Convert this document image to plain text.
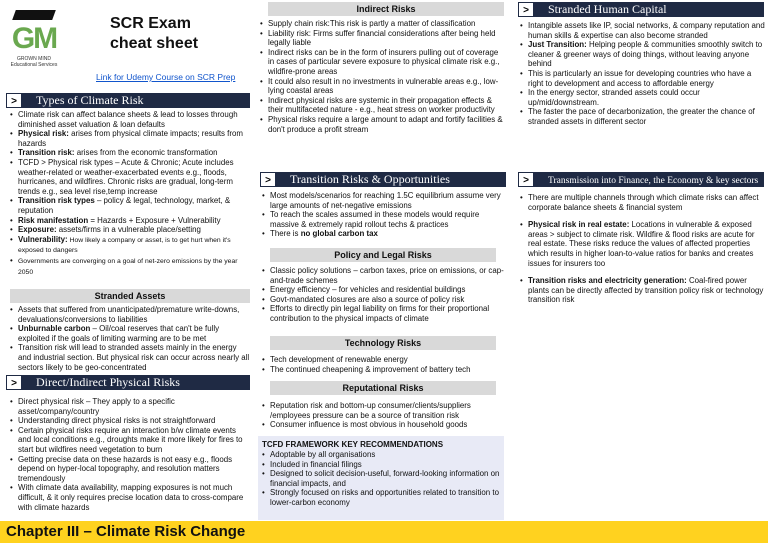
GM
GROWN MIND Educational Services
SCR Exam
cheat sheet
Link for Udemy Course on SCR Prep
> Types of Climate Risk
• Climate risk can affect balance sheets & lead to losses through diminished asset valuation & loan defaults
• Physical risk: arises from physical climate impacts; results from hazards
• Transition risk: arises from the economic transformation
• TCFD > Physical risk types – Acute & Chronic; Acute includes weather-related or weather-exacerbated events e.g., floods, hurricanes, and wildfires. Chronic risks are gradual, long-term trends e.g., sea level rise,temp increase
• Transition risk types – policy & legal, technology, market, & reputation
• Risk manifestation = Hazards + Exposure + Vulnerability
• Exposure: assets/firms in a vulnerable place/setting
• Vulnerability: How likely a company or asset, is to get hurt when it's exposed to dangers
• Governments are converging on a goal of net-zero emissions by the year 2050
Stranded Assets
• Assets that suffered from unanticipated/premature write-downs, devaluations/conversions to liabilities
• Unburnable carbon – Oil/coal reserves that can't be fully exploited if the goals of limiting warming are to be met
• Transition risk will lead to stranded assets mainly in the energy and industrial section. But physical risk can occur across nearly all sectors likely to be geo-concentrated
> Direct/Indirect Physical Risks
• Direct physical risk – They apply to a specific asset/company/country
• Understanding direct physical risks is not straightforward
• Certain physical risks require an interaction b/w climate events and local conditions e.g., droughts make it more likely for fires to start but wildfires need vegetation to burn
• Getting precise data on these hazards is not easy e.g., floods depend on hyper-local topography, and resolution matters tremendously
• With climate data availability, mapping exposures is not much difficult, & it only requires precise location data to cross-compare with climate hazards
Indirect Risks
• Supply chain risk:This risk is partly a matter of classification
• Liability risk: Firms suffer financial considerations after being held legally liable
• Indirect risks can be in the form of insurers pulling out of coverage in cases of particular severe exposure to physical climate risk e.g., wildfire-prone areas
• It could also result in no investments in vulnerable areas e.g., low-lying coastal areas
• Indirect physical risks are systemic in their propagation effects & their multifaceted nature - e.g., heat stress on worker productivity
• Physical risks require a large amount to adapt and fortify facilities & don't produce a profit stream
> Transition Risks & Opportunities
• Most models/scenarios for reaching 1.5C equilibrium assume very large amounts of net-negative emissions
• To reach the scales assumed in these models would require massive & extremely rapid rollout techs & practices
• There is no global carbon tax
Policy and Legal Risks
• Classic policy solutions – carbon taxes, price on emissions, or cap-and-trade schemes
• Energy efficiency – for vehicles and residential buildings
• Govt-mandated closures are also a source of policy risk
• Efforts to directly pin legal liability on firms for their proportional contribution to the physical impacts of climate
Technology Risks
• Tech development of renewable energy
• The continued cheapening & improvement of battery tech
Reputational Risks
• Reputation risk and bottom-up consumer/clients/suppliers /employees pressure can be a source of transition risk
• Consumer influence is most obvious in household goods
TCFD FRAMEWORK KEY RECOMMENDATIONS
• Adoptable by all organisations
• Included in financial filings
• Designed to solicit decision-useful, forward-looking information on financial impacts, and
• Strongly focused on risks and opportunities related to transition to lower-carbon economy
> Stranded Human Capital
• Intangible assets like IP, social networks, & company reputation and human skills & expertise can also become stranded
• Just Transition: Helping people & communities smoothly switch to cleaner & greener ways of doing things, without leaving anyone behind
• This is particularly an issue for developing countries who have a right to development and access to affordable energy
• In the energy sector, stranded assets could occur up/mid/downstream.
• The faster the pace of decarbonization, the greater the chance of stranded assets in different sector
> Transmission into Finance, the Economy & key sectors
• There are multiple channels through which climate risks can affect corporate balance sheets & financial system
• Physical risk in real estate: Locations in vulnerable & exposed areas > subject to climate risk. Wildfire & flood risks are acute for real estate. These risks reduce the values of affected properties which results in higher loan-to-value ratios for banks and creates issues for insurers too
• Transition risks and electricity generation: Coal-fired power plants can be directly affected by transition policy risk or technology transition risk
Chapter III – Climate Risk Change
